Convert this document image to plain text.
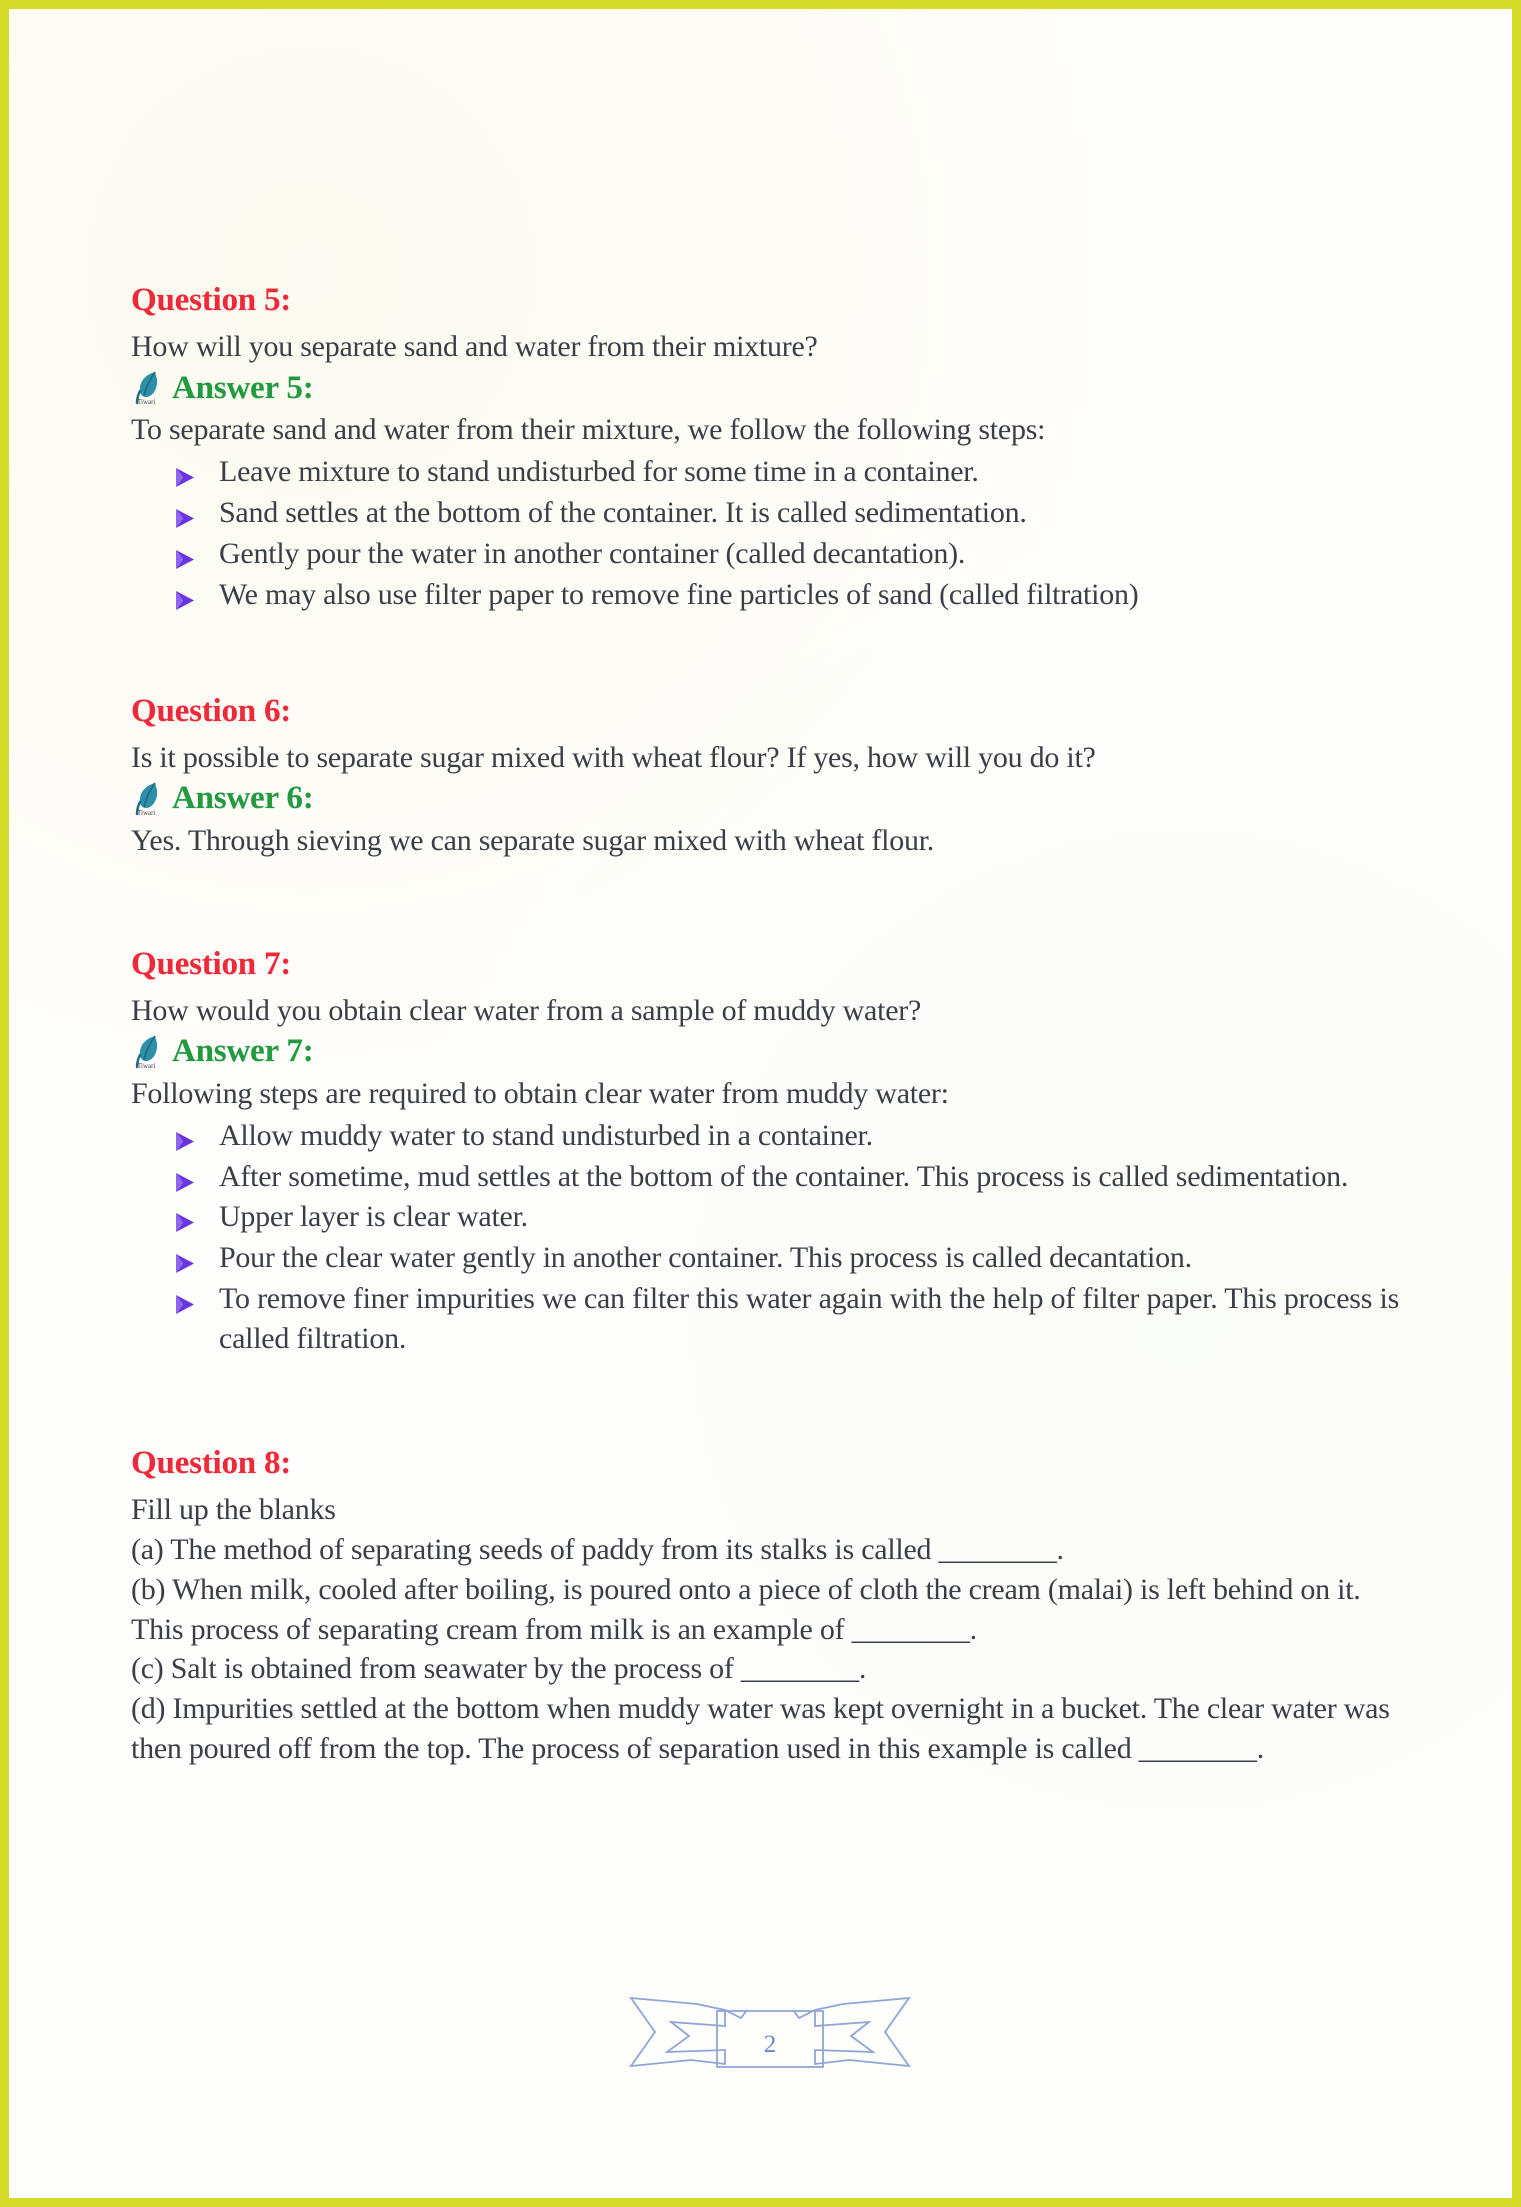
Question 5:

How will you separate sand and water from their mixture?

Tiwari Answer 5:

To separate sand and water from their mixture, we follow the following steps:

Leave mixture to stand undisturbed for some time in a container.
Sand settles at the bottom of the container. It is called sedimentation.
Gently pour the water in another container (called decantation).
We may also use filter paper to remove fine particles of sand (called filtration)
Question 6:

Is it possible to separate sugar mixed with wheat flour? If yes, how will you do it?

Tiwari Answer 6:

Yes. Through sieving we can separate sugar mixed with wheat flour.

Question 7:

How would you obtain clear water from a sample of muddy water?

Tiwari Answer 7:

Following steps are required to obtain clear water from muddy water:

Allow muddy water to stand undisturbed in a container.
After sometime, mud settles at the bottom of the container. This process is called sedimentation.
Upper layer is clear water.
Pour the clear water gently in another container. This process is called decantation.
To remove finer impurities we can filter this water again with the help of filter paper. This process is called filtration.
Question 8:

Fill up the blanks

(a) The method of separating seeds of paddy from its stalks is called ________.

(b) When milk, cooled after boiling, is poured onto a piece of cloth the cream (malai) is left behind on it. This process of separating cream from milk is an example of ________.

(c) Salt is obtained from seawater by the process of ________.

(d) Impurities settled at the bottom when muddy water was kept overnight in a bucket. The clear water was then poured off from the top. The process of separation used in this example is called ________.

2
